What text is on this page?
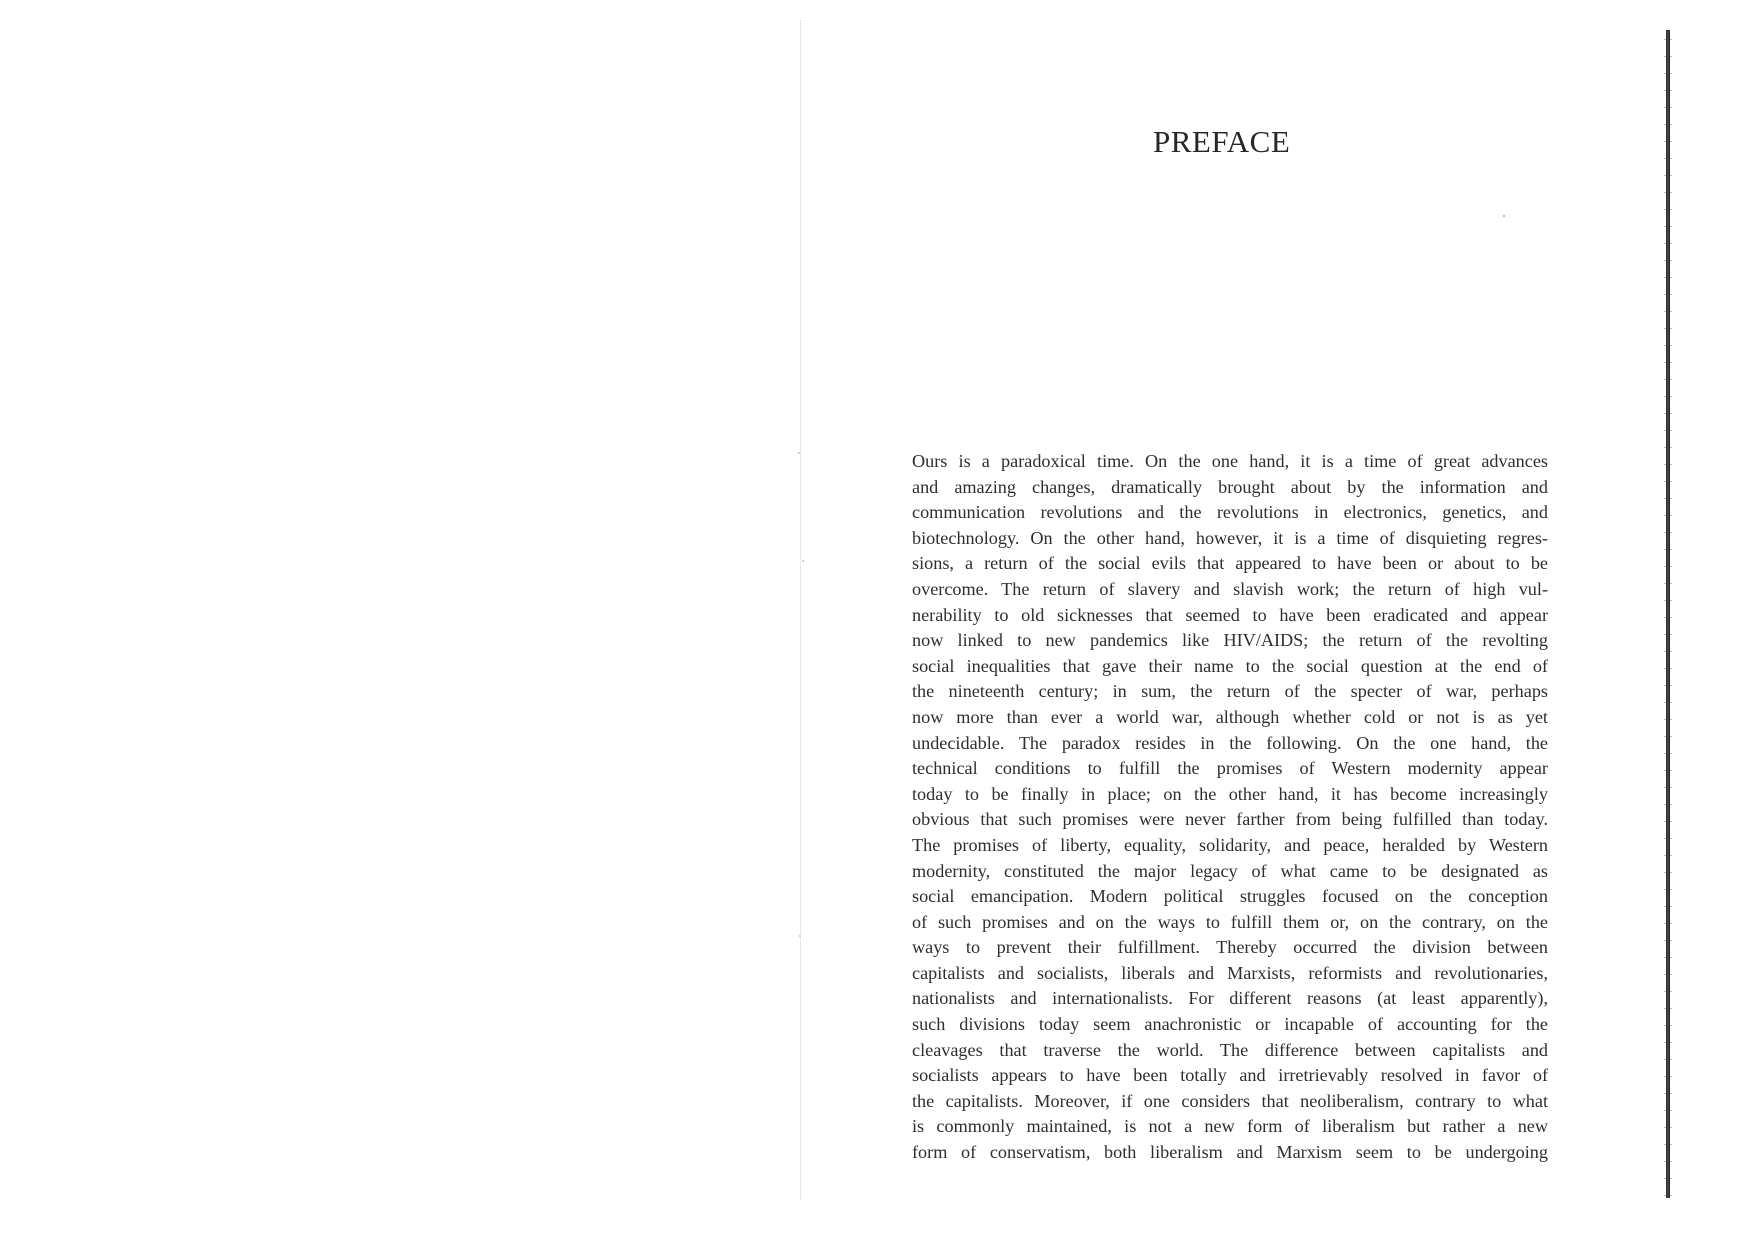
PREFACE
Ours is a paradoxical time. On the one hand, it is a time of great advances
and amazing changes, dramatically brought about by the information and
communication revolutions and the revolutions in electronics, genetics, and
biotechnology. On the other hand, however, it is a time of disquieting regres-
sions, a return of the social evils that appeared to have been or about to be
overcome. The return of slavery and slavish work; the return of high vul-
nerability to old sicknesses that seemed to have been eradicated and appear
now linked to new pandemics like HIV/AIDS; the return of the revolting
social inequalities that gave their name to the social question at the end of
the nineteenth century; in sum, the return of the specter of war, perhaps
now more than ever a world war, although whether cold or not is as yet
undecidable. The paradox resides in the following. On the one hand, the
technical conditions to fulfill the promises of Western modernity appear
today to be finally in place; on the other hand, it has become increasingly
obvious that such promises were never farther from being fulfilled than today.
The promises of liberty, equality, solidarity, and peace, heralded by Western
modernity, constituted the major legacy of what came to be designated as
social emancipation. Modern political struggles focused on the conception
of such promises and on the ways to fulfill them or, on the contrary, on the
ways to prevent their fulfillment. Thereby occurred the division between
capitalists and socialists, liberals and Marxists, reformists and revolutionaries,
nationalists and internationalists. For different reasons (at least apparently),
such divisions today seem anachronistic or incapable of accounting for the
cleavages that traverse the world. The difference between capitalists and
socialists appears to have been totally and irretrievably resolved in favor of
the capitalists. Moreover, if one considers that neoliberalism, contrary to what
is commonly maintained, is not a new form of liberalism but rather a new
form of conservatism, both liberalism and Marxism seem to be undergoing
